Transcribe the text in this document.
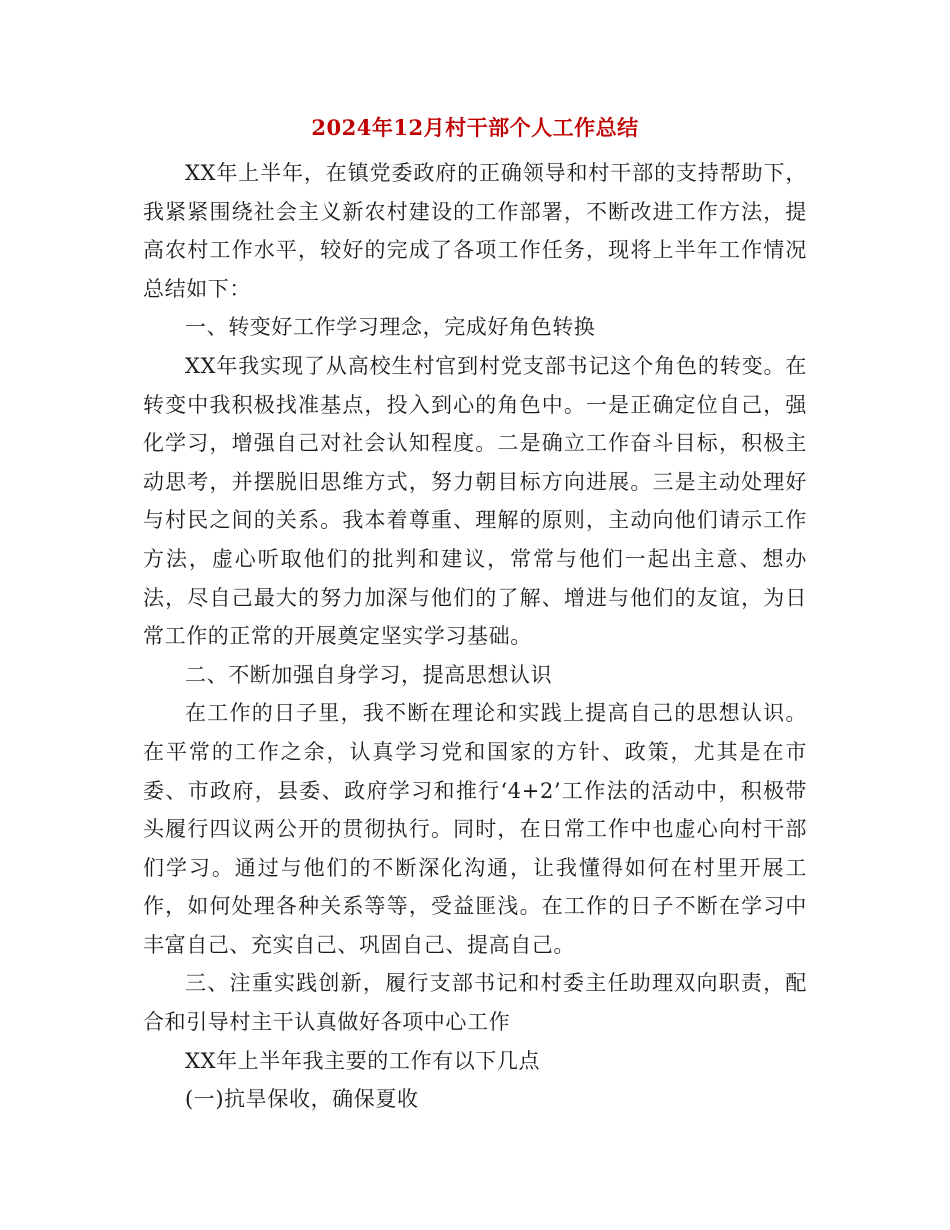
2024年12月村干部个人工作总结

XX年上半年，在镇党委政府的正确领导和村干部的支持帮助下，我紧紧围绕社会主义新农村建设的工作部署，不断改进工作方法，提高农村工作水平，较好的完成了各项工作任务，现将上半年工作情况总结如下：

一、转变好工作学习理念，完成好角色转换

XX年我实现了从高校生村官到村党支部书记这个角色的转变。在转变中我积极找准基点，投入到心的角色中。一是正确定位自己，强化学习，增强自己对社会认知程度。二是确立工作奋斗目标，积极主动思考，并摆脱旧思维方式，努力朝目标方向进展。三是主动处理好与村民之间的关系。我本着尊重、理解的原则，主动向他们请示工作方法，虚心听取他们的批判和建议，常常与他们一起出主意、想办法，尽自己最大的努力加深与他们的了解、增进与他们的友谊，为日常工作的正常的开展奠定坚实学习基础。

二、不断加强自身学习，提高思想认识

在工作的日子里，我不断在理论和实践上提高自己的思想认识。在平常的工作之余，认真学习党和国家的方针、政策，尤其是在市委、市政府，县委、政府学习和推行‘4+2’工作法的活动中，积极带头履行四议两公开的贯彻执行。同时，在日常工作中也虚心向村干部们学习。通过与他们的不断深化沟通，让我懂得如何在村里开展工作，如何处理各种关系等等，受益匪浅。在工作的日子不断在学习中丰富自己、充实自己、巩固自己、提高自己。

三、注重实践创新，履行支部书记和村委主任助理双向职责，配合和引导村主干认真做好各项中心工作

XX年上半年我主要的工作有以下几点

(一)抗旱保收，确保夏收
